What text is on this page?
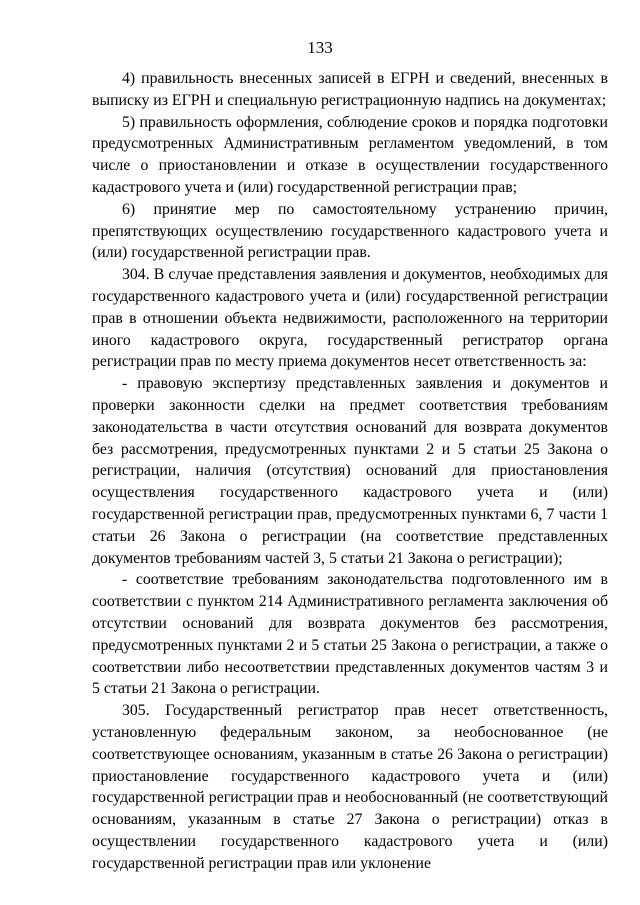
133

4) правильность внесенных записей в ЕГРН и сведений, внесенных в выписку из ЕГРН и специальную регистрационную надпись на документах;

5) правильность оформления, соблюдение сроков и порядка подготовки предусмотренных Административным регламентом уведомлений, в том числе о приостановлении и отказе в осуществлении государственного кадастрового учета и (или) государственной регистрации прав;

6) принятие мер по самостоятельному устранению причин, препятствующих осуществлению государственного кадастрового учета и (или) государственной регистрации прав.

304. В случае представления заявления и документов, необходимых для государственного кадастрового учета и (или) государственной регистрации прав в отношении объекта недвижимости, расположенного на территории иного кадастрового округа, государственный регистратор органа регистрации прав по месту приема документов несет ответственность за:

- правовую экспертизу представленных заявления и документов и проверки законности сделки на предмет соответствия требованиям законодательства в части отсутствия оснований для возврата документов без рассмотрения, предусмотренных пунктами 2 и 5 статьи 25 Закона о регистрации, наличия (отсутствия) оснований для приостановления осуществления государственного кадастрового учета и (или) государственной регистрации прав, предусмотренных пунктами 6, 7 части 1 статьи 26 Закона о регистрации (на соответствие представленных документов требованиям частей 3, 5 статьи 21 Закона о регистрации);

- соответствие требованиям законодательства подготовленного им в соответствии с пунктом 214 Административного регламента заключения об отсутствии оснований для возврата документов без рассмотрения, предусмотренных пунктами 2 и 5 статьи 25 Закона о регистрации, а также о соответствии либо несоответствии представленных документов частям 3 и 5 статьи 21 Закона о регистрации.

305. Государственный регистратор прав несет ответственность, установленную федеральным законом, за необоснованное (не соответствующее основаниям, указанным в статье 26 Закона о регистрации) приостановление государственного кадастрового учета и (или) государственной регистрации прав и необоснованный (не соответствующий основаниям, указанным в статье 27 Закона о регистрации) отказ в осуществлении государственного кадастрового учета и (или) государственной регистрации прав или уклонение
